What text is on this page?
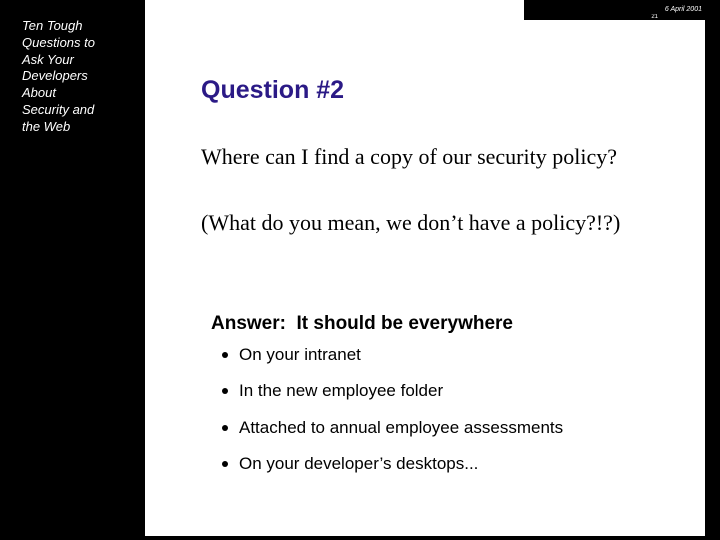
Ten Tough
Questions to
Ask Your
Developers
About
Security and
the Web
6 April 2001
21
Question #2
Where can I find a copy of our security policy?
(What do you mean, we don’t have a policy?!?)
Answer:  It should be everywhere
On your intranet
In the new employee folder
Attached to annual employee assessments
On your developer’s desktops...
